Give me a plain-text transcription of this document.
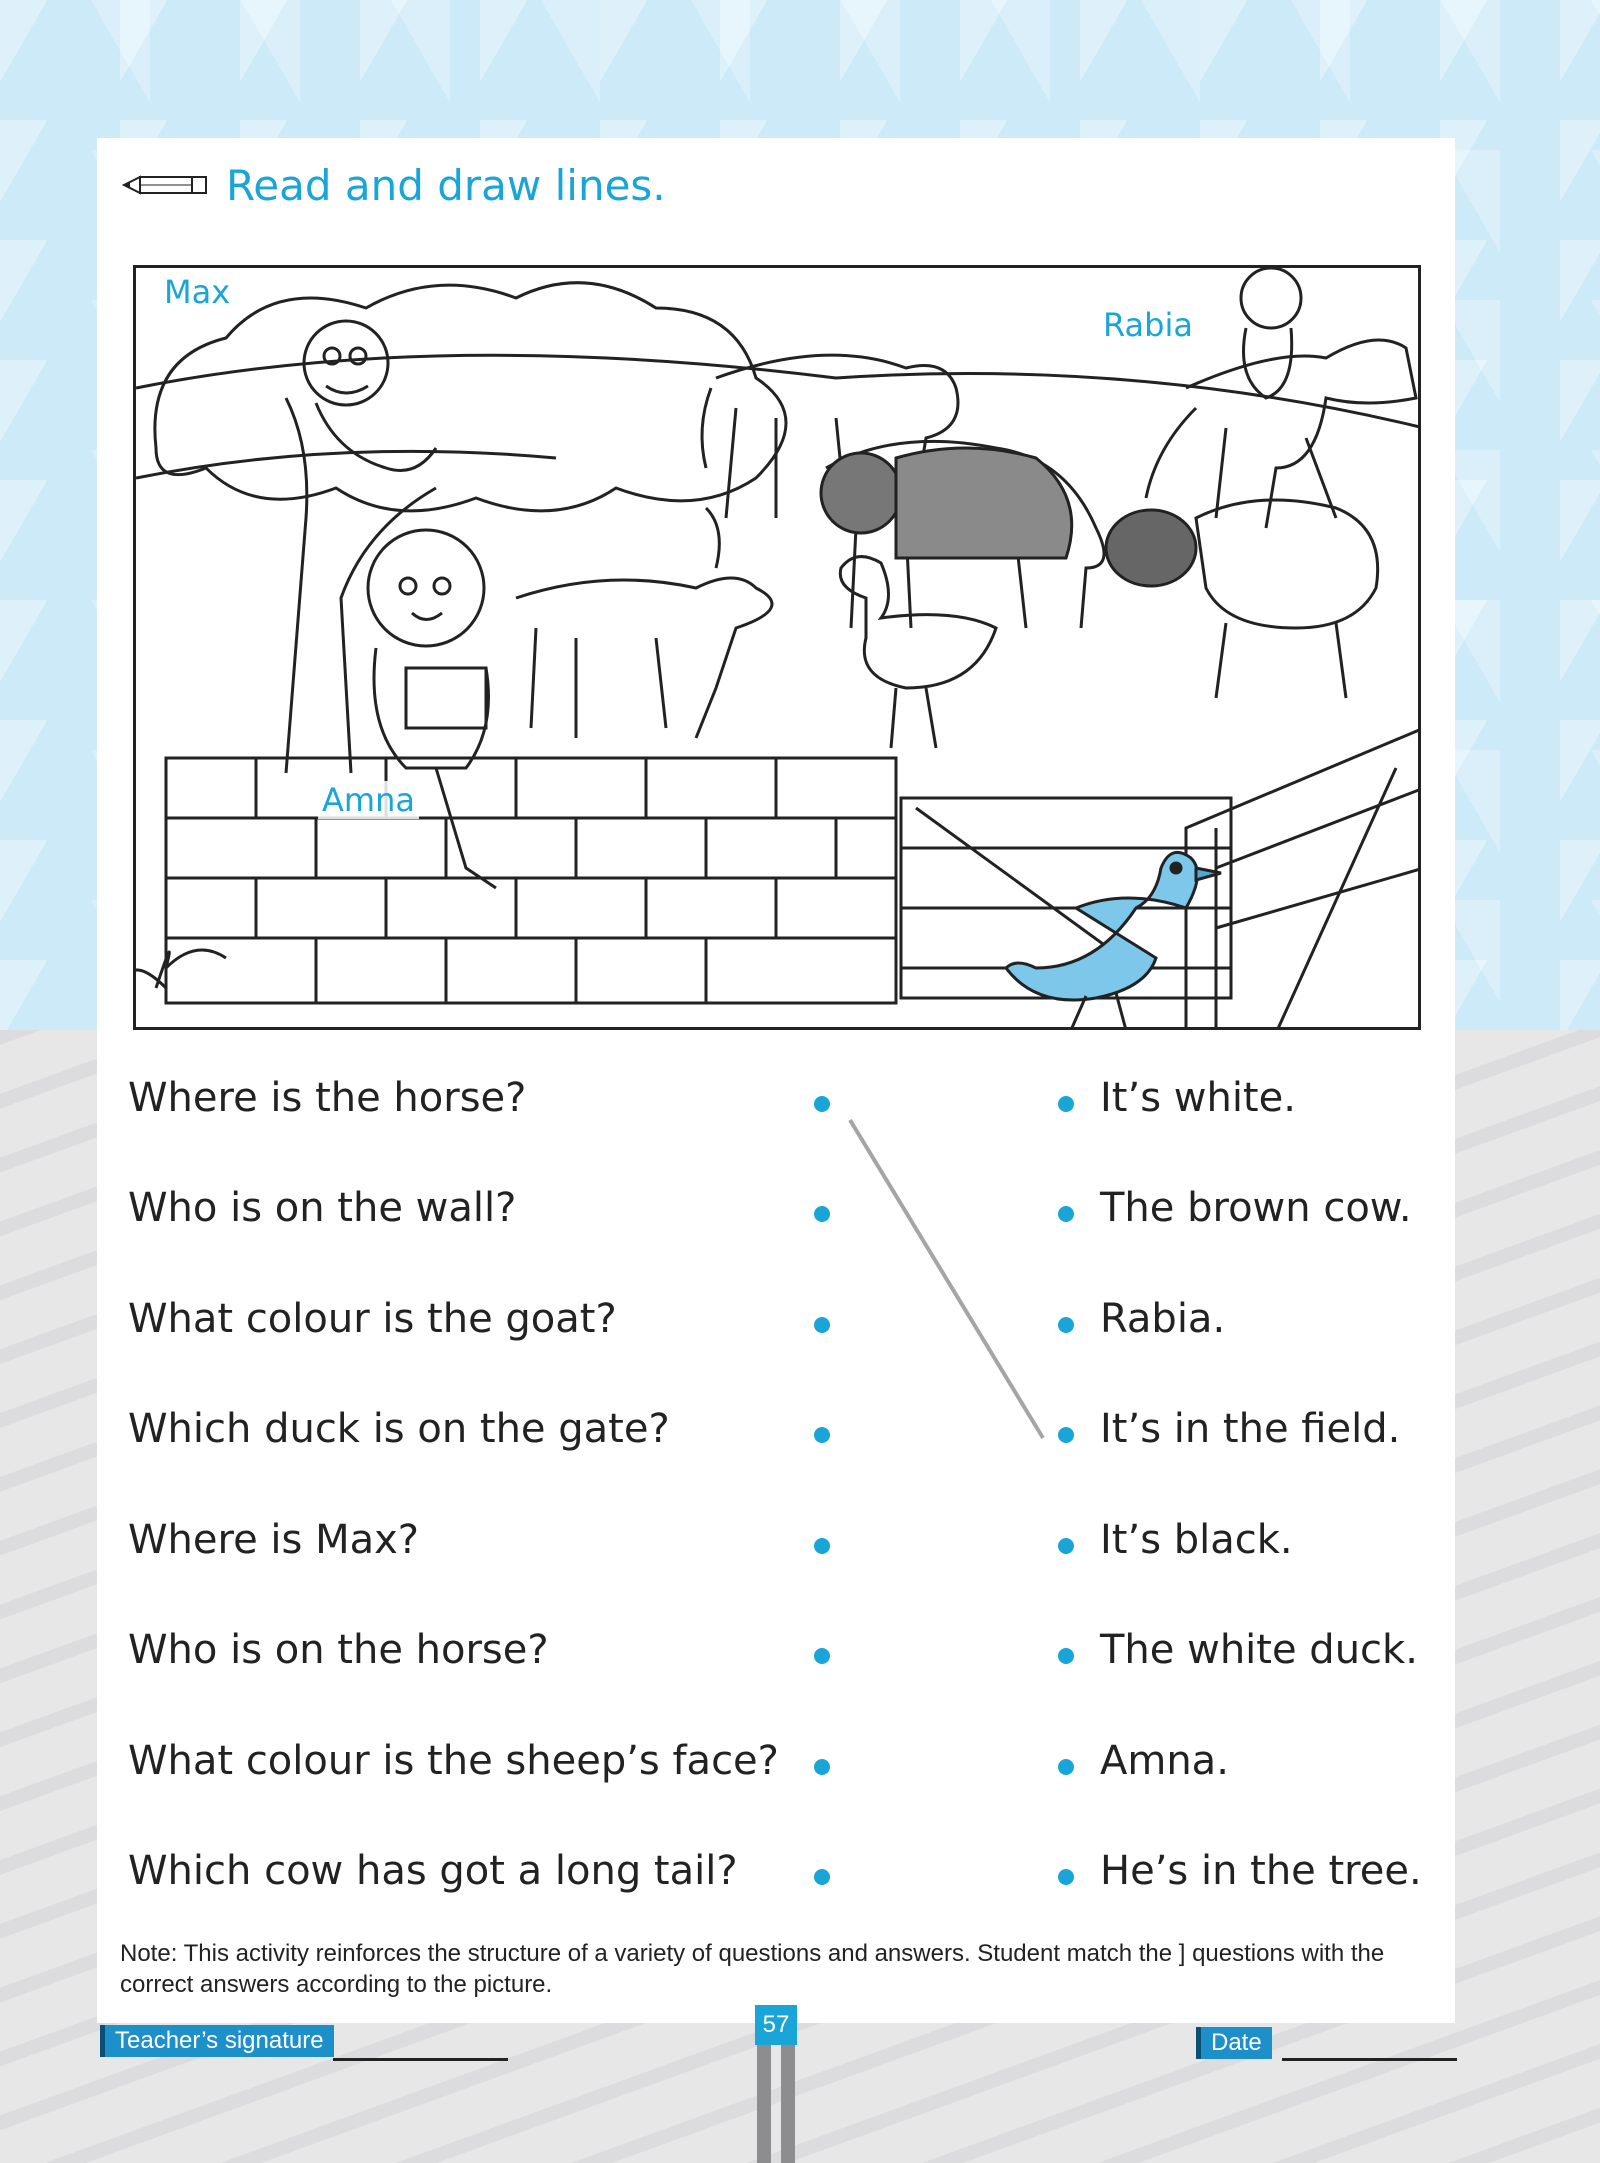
Read and draw lines.
Max
Rabia
Amna
Where is the horse?	It’s white.
Who is on the wall?	The brown cow.
What colour is the goat?	Rabia.
Which duck is on the gate?	It’s in the field.
Where is Max?	It’s black.
Who is on the horse?	The white duck.
What colour is the sheep’s face?	Amna.
Which cow has got a long tail?	He’s in the tree.
Note: This activity reinforces the structure of a variety of questions and answers. Student match the ] questions with the correct answers according to the picture.
Teacher’s signature	Date
57
